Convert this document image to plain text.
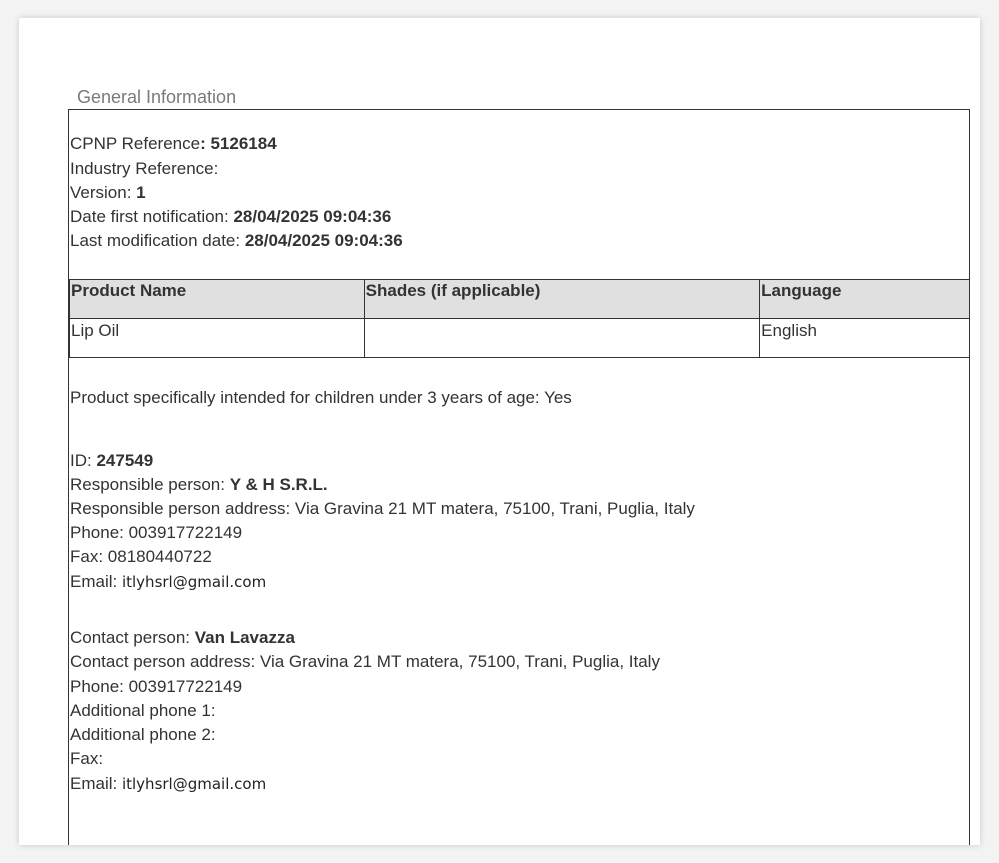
General Information
CPNP Reference: 5126184
Industry Reference:
Version: 1
Date first notification: 28/04/2025 09:04:36
Last modification date: 28/04/2025 09:04:36
Product Name	Shades (if applicable)	Language
Lip Oil		English
Product specifically intended for children under 3 years of age: Yes
ID: 247549
Responsible person: Y & H S.R.L.
Responsible person address: Via Gravina 21 MT matera, 75100, Trani, Puglia, Italy
Phone: 003917722149
Fax: 08180440722
Email: itlyhsrl@gmail.com
Contact person: Van Lavazza
Contact person address: Via Gravina 21 MT matera, 75100, Trani, Puglia, Italy
Phone: 003917722149
Additional phone 1:
Additional phone 2:
Fax:
Email: itlyhsrl@gmail.com
